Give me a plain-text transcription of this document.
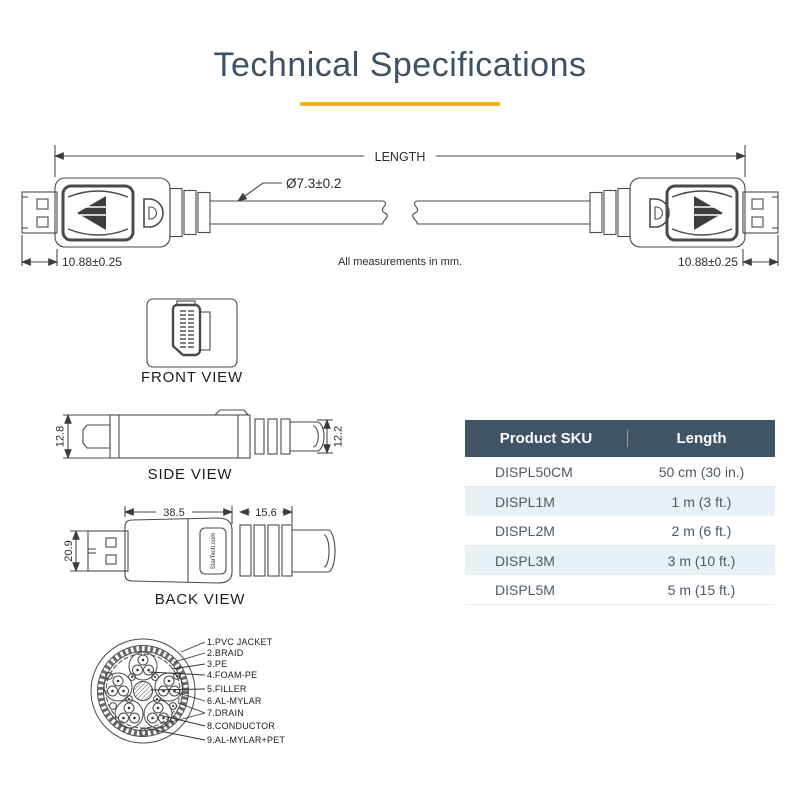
Technical Specifications
LENGTH
Ø7.3±0.2
10.88±0.25	10.88±0.25
All measurements in mm.
FRONT VIEW
12.8	12.2
SIDE VIEW
38.5	15.6
20.9	StarTech.com
BACK VIEW
Product SKU	Length
DISPL50CM	50 cm (30 in.)
DISPL1M	1 m (3 ft.)
DISPL2M	2 m (6 ft.)
DISPL3M	3 m (10 ft.)
DISPL5M	5 m (15 ft.)
1.PVC JACKET
2.BRAID
3.PE
4.FOAM-PE
5.FILLER
6.AL-MYLAR
7.DRAIN
8.CONDUCTOR
9.AL-MYLAR+PET
